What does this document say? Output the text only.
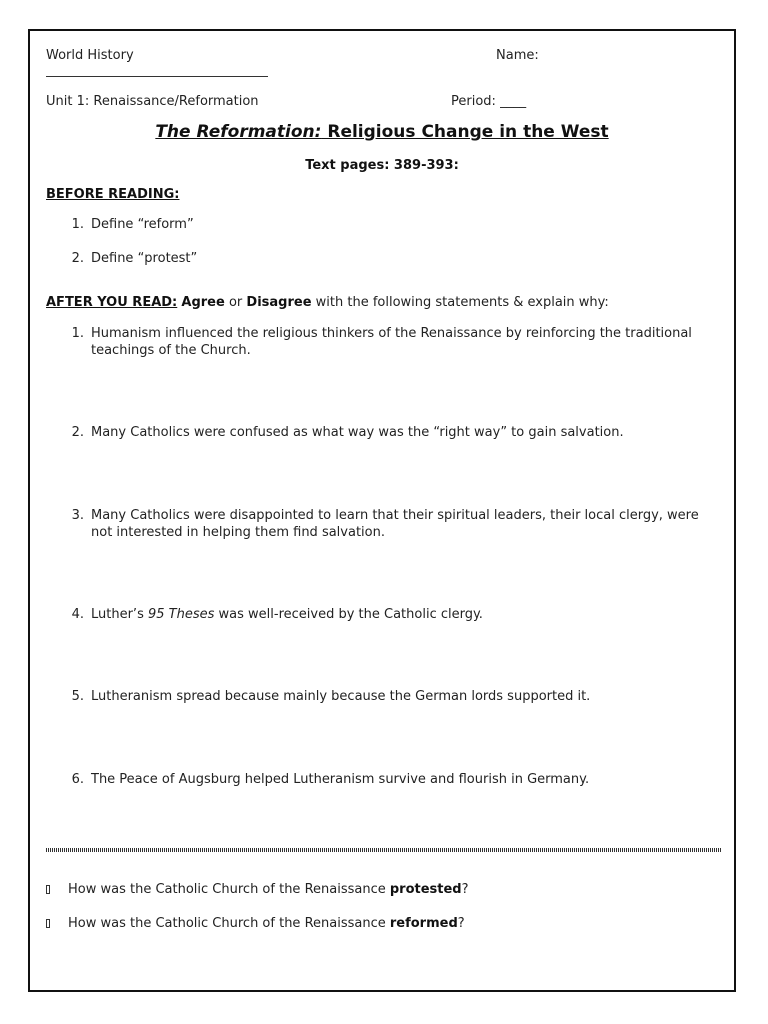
World History	Name:
Unit 1: Renaissance/Reformation	Period: ____
The Reformation: Religious Change in the West
Text pages: 389-393:
BEFORE READING:
1. Define “reform”
2. Define “protest”
AFTER YOU READ: Agree or Disagree with the following statements & explain why:
1. Humanism influenced the religious thinkers of the Renaissance by reinforcing the traditional teachings of the Church.
2. Many Catholics were confused as what way was the “right way” to gain salvation.
3. Many Catholics were disappointed to learn that their spiritual leaders, their local clergy, were not interested in helping them find salvation.
4. Luther’s 95 Theses was well-received by the Catholic clergy.
5. Lutheranism spread because mainly because the German lords supported it.
6. The Peace of Augsburg helped Lutheranism survive and flourish in Germany.
How was the Catholic Church of the Renaissance protested?
How was the Catholic Church of the Renaissance reformed?
